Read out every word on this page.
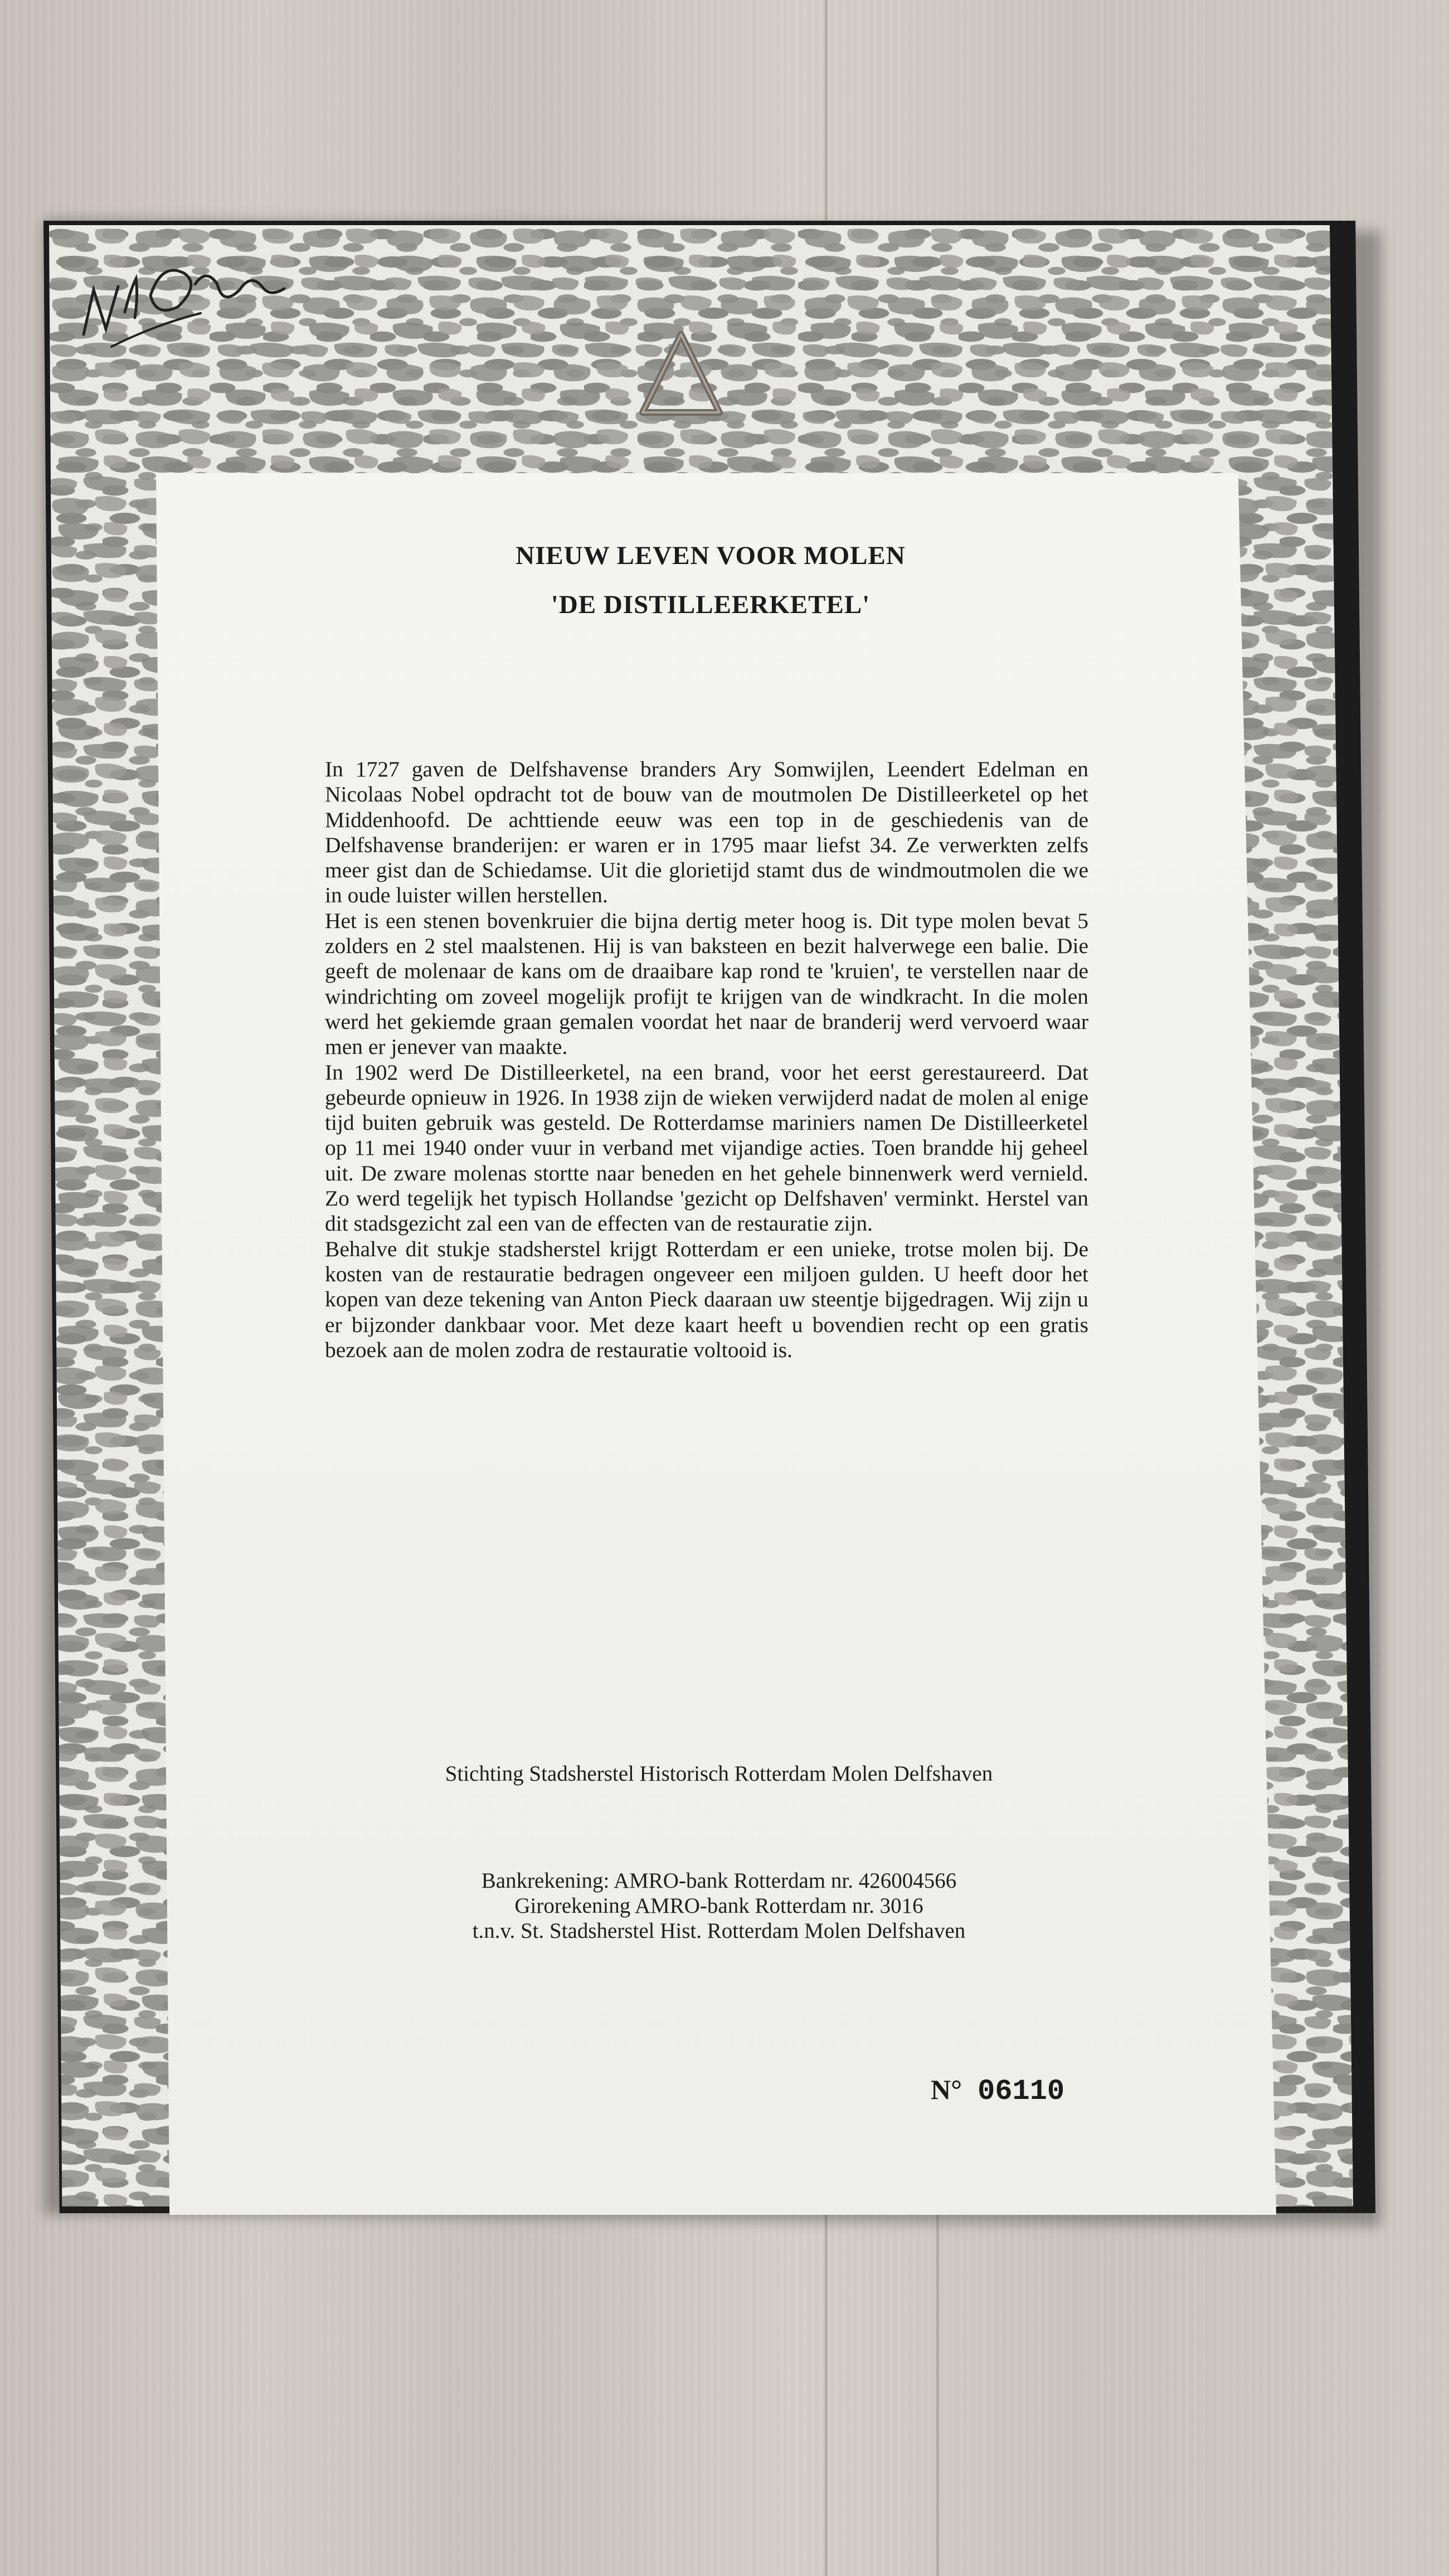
NIEUW LEVEN VOOR MOLEN
'DE DISTILLEERKETEL'

In 1727 gaven de Delfshavense branders Ary Somwijlen, Leendert Edelman en Nicolaas Nobel opdracht tot de bouw van de moutmolen De Distilleerketel op het Middenhoofd. De achttiende eeuw was een top in de geschiedenis van de Delfshavense branderijen: er waren er in 1795 maar liefst 34. Ze verwerkten zelfs meer gist dan de Schiedamse. Uit die glorietijd stamt dus de windmoutmolen die we in oude luister willen herstellen.

Het is een stenen bovenkruier die bijna dertig meter hoog is. Dit type molen bevat 5 zolders en 2 stel maalstenen. Hij is van baksteen en bezit halverwege een balie. Die geeft de molenaar de kans om de draaibare kap rond te 'kruien', te verstellen naar de windrichting om zoveel mogelijk profijt te krijgen van de windkracht. In die molen werd het gekiemde graan gemalen voordat het naar de branderij werd vervoerd waar men er jenever van maakte.

In 1902 werd De Distilleerketel, na een brand, voor het eerst gerestaureerd. Dat gebeurde opnieuw in 1926. In 1938 zijn de wieken verwijderd nadat de molen al enige tijd buiten gebruik was gesteld. De Rotterdamse mariniers namen De Distilleerketel op 11 mei 1940 onder vuur in verband met vijandige acties. Toen brandde hij geheel uit. De zware molenas stortte naar beneden en het gehele binnenwerk werd vernield. Zo werd tegelijk het typisch Hollandse 'gezicht op Delfshaven' verminkt. Herstel van dit stadsgezicht zal een van de effecten van de restauratie zijn.

Behalve dit stukje stadsherstel krijgt Rotterdam er een unieke, trotse molen bij. De kosten van de restauratie bedragen ongeveer een miljoen gulden. U heeft door het kopen van deze tekening van Anton Pieck daaraan uw steentje bijgedragen. Wij zijn u er bijzonder dankbaar voor. Met deze kaart heeft u bovendien recht op een gratis bezoek aan de molen zodra de restauratie voltooid is.

Stichting Stadsherstel Historisch Rotterdam Molen Delfshaven
Bankrekening: AMRO-bank Rotterdam nr. 426004566
Girorekening AMRO-bank Rotterdam nr. 3016
t.n.v. St. Stadsherstel Hist. Rotterdam Molen Delfshaven
N° 06110
